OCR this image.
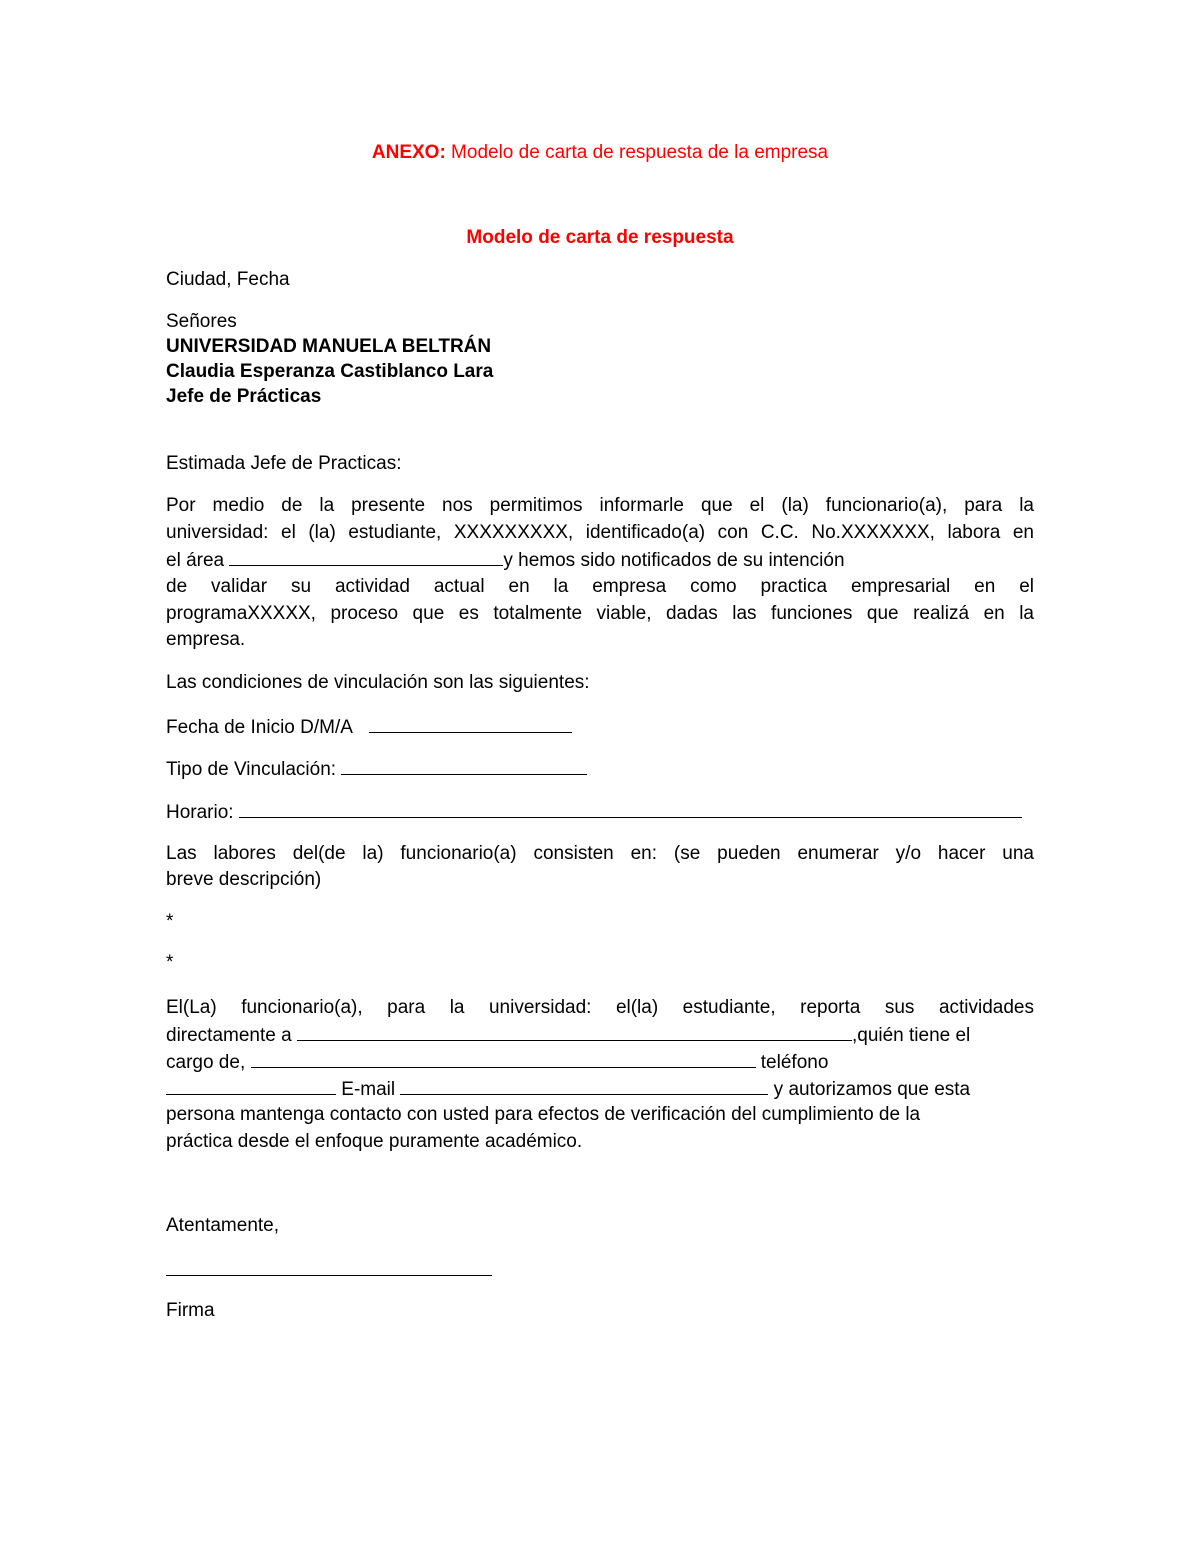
ANEXO: Modelo de carta de respuesta de la empresa
Modelo de carta de respuesta
Ciudad, Fecha
Señores
UNIVERSIDAD MANUELA BELTRÁN
Claudia Esperanza Castiblanco Lara
Jefe de Prácticas
Estimada Jefe de Practicas:
Por medio de la presente nos permitimos informarle que el (la) funcionario(a), para la
universidad: el (la) estudiante, XXXXXXXXX, identificado(a) con C.C. No.XXXXXXX, labora en
el área	y hemos sido notificados de su intención
de validar su actividad actual en la empresa como practica empresarial en el
programaXXXXX, proceso que es totalmente viable, dadas las funciones que realizá en la
empresa.
Las condiciones de vinculación son las siguientes:
Fecha de Inicio D/M/A
Tipo de Vinculación:
Horario:
Las labores del(de la) funcionario(a) consisten en: (se pueden enumerar y/o hacer una
breve descripción)
*
*
El(La) funcionario(a), para la universidad: el(la) estudiante, reporta sus actividades
directamente a	,quién tiene el
cargo de,	teléfono
E-mail	y autorizamos que esta
persona mantenga contacto con usted para efectos de verificación del cumplimiento de la
práctica desde el enfoque puramente académico.
Atentamente,
Firma
